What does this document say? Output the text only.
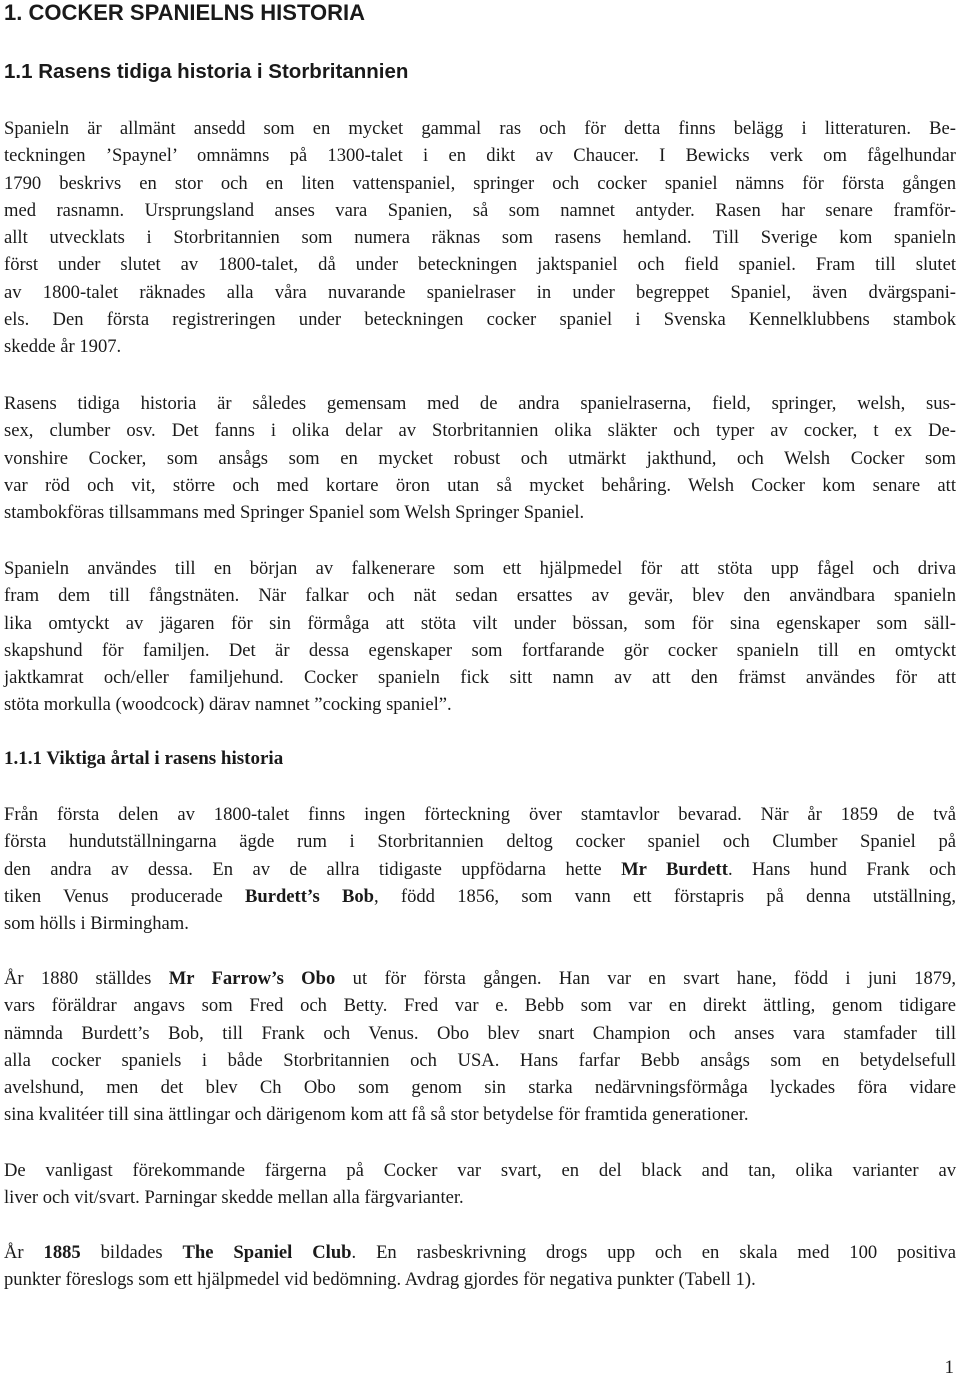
1. COCKER SPANIELNS HISTORIA
1.1 Rasens tidiga historia i Storbritannien

Spanieln är allmänt ansedd som en mycket gammal ras och för detta finns belägg i litteraturen. Be-
teckningen ’Spaynel’ omnämns på 1300-talet i en dikt av Chaucer. I Bewicks verk om fågelhundar
1790 beskrivs en stor och en liten vattenspaniel, springer och cocker spaniel nämns för första gången
med rasnamn. Ursprungsland anses vara Spanien, så som namnet antyder. Rasen har senare framför-
allt utvecklats i Storbritannien som numera räknas som rasens hemland. Till Sverige kom spanieln
först under slutet av 1800-talet, då under beteckningen jaktspaniel och field spaniel. Fram till slutet
av 1800-talet räknades alla våra nuvarande spanielraser in under begreppet Spaniel, även dvärgspani-
els. Den första registreringen under beteckningen cocker spaniel i Svenska Kennelklubbens stambok
skedde år 1907.

Rasens tidiga historia är således gemensam med de andra spanielraserna, field, springer, welsh, sus-
sex, clumber osv. Det fanns i olika delar av Storbritannien olika släkter och typer av cocker, t ex De-
vonshire Cocker, som ansågs som en mycket robust och utmärkt jakthund, och Welsh Cocker som
var röd och vit, större och med kortare öron utan så mycket behåring. Welsh Cocker kom senare att
stambokföras tillsammans med Springer Spaniel som Welsh Springer Spaniel.

Spanieln användes till en början av falkenerare som ett hjälpmedel för att stöta upp fågel och driva
fram dem till fångstnäten. När falkar och nät sedan ersattes av gevär, blev den användbara spanieln
lika omtyckt av jägaren för sin förmåga att stöta vilt under bössan, som för sina egenskaper som säll-
skapshund för familjen. Det är dessa egenskaper som fortfarande gör cocker spanieln till en omtyckt
jaktkamrat och/eller familjehund. Cocker spanieln fick sitt namn av att den främst användes för att
stöta morkulla (woodcock) därav namnet ”cocking spaniel”.

1.1.1 Viktiga årtal i rasens historia

Från första delen av 1800-talet finns ingen förteckning över stamtavlor bevarad. När år 1859 de två
första hundutställningarna ägde rum i Storbritannien deltog cocker spaniel och Clumber Spaniel på
den andra av dessa. En av de allra tidigaste uppfödarna hette Mr Burdett. Hans hund Frank och
tiken Venus producerade Burdett’s Bob, född 1856, som vann ett förstapris på denna utställning,
som hölls i Birmingham.

År 1880 ställdes Mr Farrow’s Obo ut för första gången. Han var en svart hane, född i juni 1879,
vars föräldrar angavs som Fred och Betty. Fred var e. Bebb som var en direkt ättling, genom tidigare
nämnda Burdett’s Bob, till Frank och Venus. Obo blev snart Champion och anses vara stamfader till
alla cocker spaniels i både Storbritannien och USA. Hans farfar Bebb ansågs som en betydelsefull
avelshund, men det blev Ch Obo som genom sin starka nedärvningsförmåga lyckades föra vidare
sina kvalitéer till sina ättlingar och därigenom kom att få så stor betydelse för framtida generationer.

De vanligast förekommande färgerna på Cocker var svart, en del black and tan, olika varianter av
liver och vit/svart. Parningar skedde mellan alla färgvarianter.

År 1885 bildades The Spaniel Club. En rasbeskrivning drogs upp och en skala med 100 positiva
punkter föreslogs som ett hjälpmedel vid bedömning. Avdrag gjordes för negativa punkter (Tabell 1).

1
